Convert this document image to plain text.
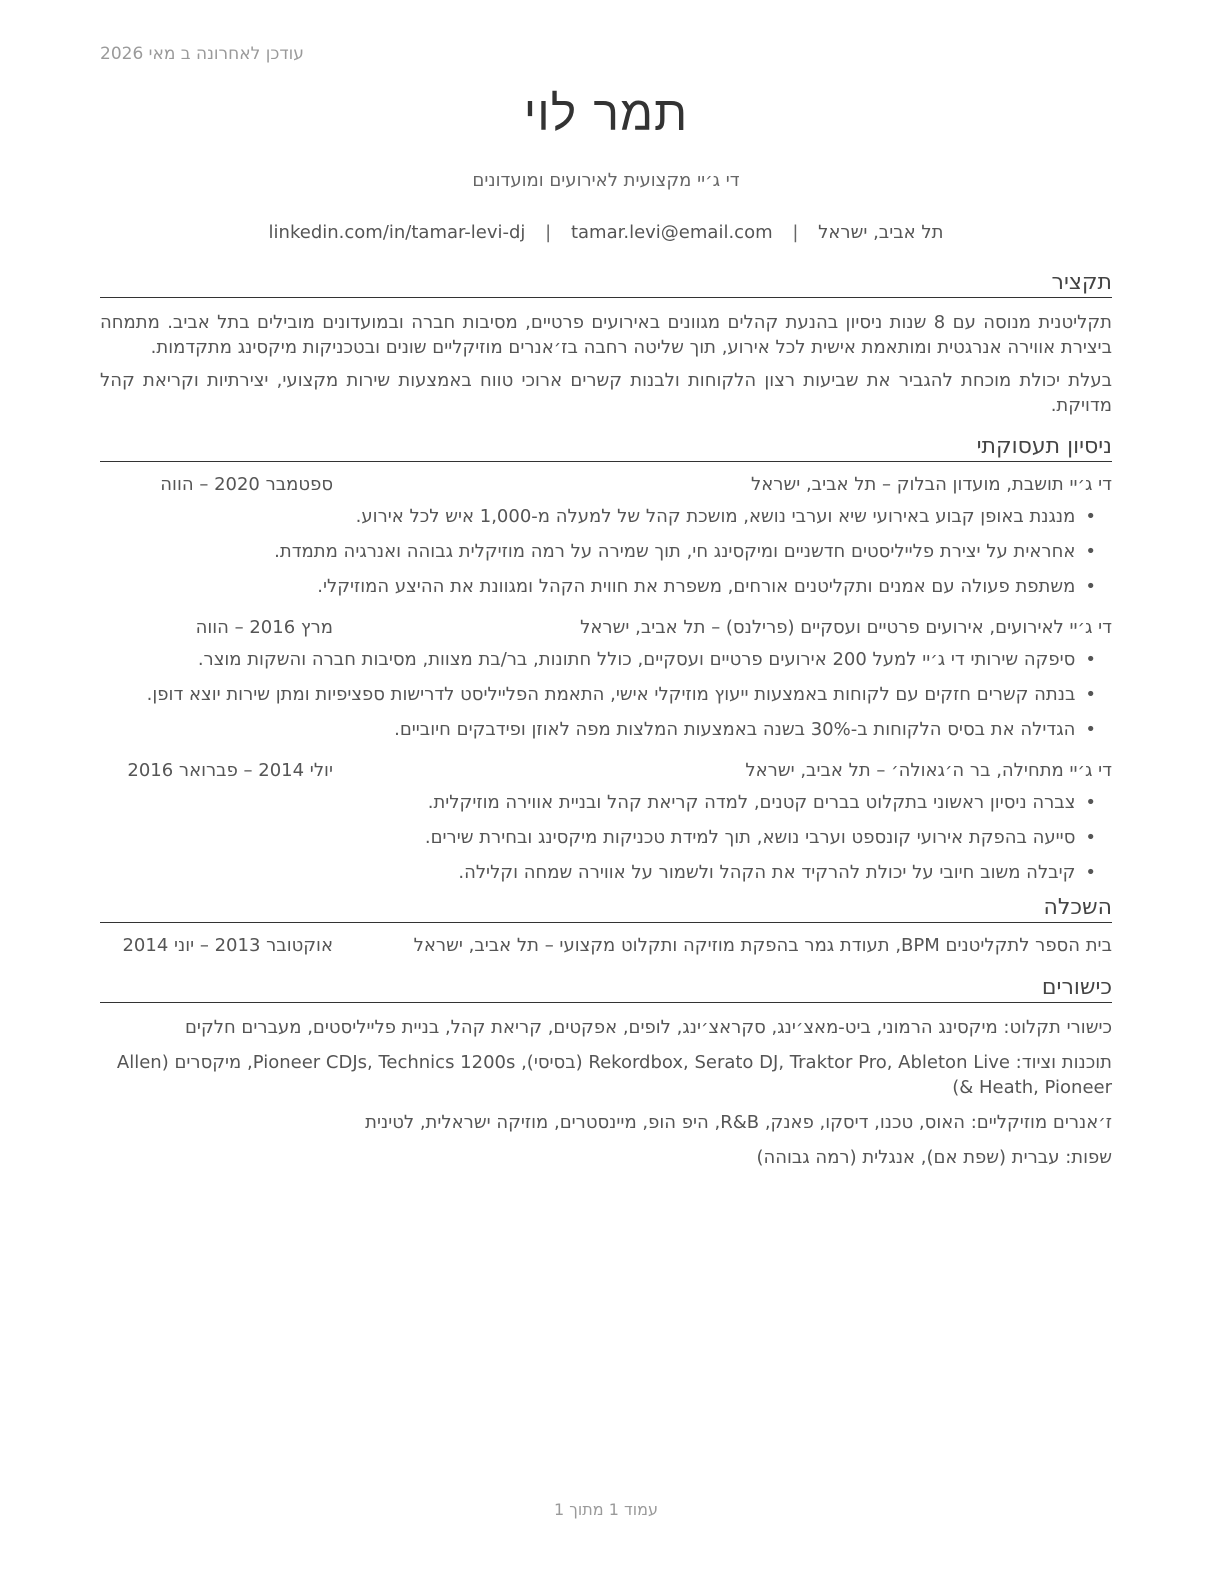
עודכן לאחרונה ב מאי 2026
תמר לוי
די ג׳יי מקצועית לאירועים ומועדונים
linkedin.com/in/tamar-levi-dj | tamar.levi@email.com | תל אביב, ישראל
תקציר

תקליטנית מנוסה עם 8 שנות ניסיון בהנעת קהלים מגוונים באירועים פרטיים, מסיבות חברה ובמועדונים מובילים בתל אביב. מתמחה ביצירת אווירה אנרגטית ומותאמת אישית לכל אירוע, תוך שליטה רחבה בז׳אנרים מוזיקליים שונים ובטכניקות מיקסינג מתקדמות.

בעלת יכולת מוכחת להגביר את שביעות רצון הלקוחות ולבנות קשרים ארוכי טווח באמצעות שירות מקצועי, יצירתיות וקריאת קהל מדויקת.

ניסיון תעסוקתי
די ג׳יי תושבת, מועדון הבלוק – תל אביב, ישראל
ספטמבר 2020 – הווה
•מנגנת באופן קבוע באירועי שיא וערבי נושא, מושכת קהל של למעלה מ-1,000 איש לכל אירוע.
•אחראית על יצירת פלייליסטים חדשניים ומיקסינג חי, תוך שמירה על רמה מוזיקלית גבוהה ואנרגיה מתמדת.
•משתפת פעולה עם אמנים ותקליטנים אורחים, משפרת את חווית הקהל ומגוונת את ההיצע המוזיקלי.
די ג׳יי לאירועים, אירועים פרטיים ועסקיים (פרילנס) – תל אביב, ישראל
מרץ 2016 – הווה
•סיפקה שירותי די ג׳יי למעל 200 אירועים פרטיים ועסקיים, כולל חתונות, בר/בת מצוות, מסיבות חברה והשקות מוצר.
•בנתה קשרים חזקים עם לקוחות באמצעות ייעוץ מוזיקלי אישי, התאמת הפלייליסט לדרישות ספציפיות ומתן שירות יוצא דופן.
•הגדילה את בסיס הלקוחות ב-30% בשנה באמצעות המלצות מפה לאוזן ופידבקים חיוביים.
די ג׳יי מתחילה, בר ה׳גאולה׳ – תל אביב, ישראל
יולי 2014 – פברואר 2016
•צברה ניסיון ראשוני בתקלוט בברים קטנים, למדה קריאת קהל ובניית אווירה מוזיקלית.
•סייעה בהפקת אירועי קונספט וערבי נושא, תוך למידת טכניקות מיקסינג ובחירת שירים.
•קיבלה משוב חיובי על יכולת להרקיד את הקהל ולשמור על אווירה שמחה וקלילה.
השכלה
בית הספר לתקליטנים BPM, תעודת גמר בהפקת מוזיקה ותקלוט מקצועי – תל אביב, ישראל
אוקטובר 2013 – יוני 2014
כישורים
כישורי תקלוט: מיקסינג הרמוני, ביט-מאצ׳ינג, סקראצ׳ינג, לופים, אפקטים, קריאת קהל, בניית פלייליסטים, מעברים חלקים
תוכנות וציוד: Rekordbox, Serato DJ, Traktor Pro, Ableton Live (בסיסי), Pioneer CDJs, Technics 1200s, מיקסרים (Allen & Heath, Pioneer)
ז׳אנרים מוזיקליים: האוס, טכנו, דיסקו, פאנק, R&B, היפ הופ, מיינסטרים, מוזיקה ישראלית, לטינית
שפות: עברית (שפת אם), אנגלית (רמה גבוהה)
עמוד 1 מתוך 1
